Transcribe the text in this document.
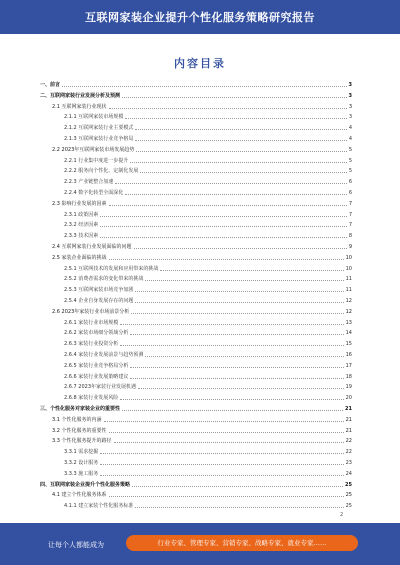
互联网家装企业提升个性化服务策略研究报告
内容目录
一、前言	3
二、互联网家装行业发展分析及预测	3
2.1 互联网家装行业现状	3
2.1.1 互联网家装市场规模	3
2.1.2 互联网家装行业主要模式	4
2.1.3 互联网家装行业竞争格局	4
2.2 2023年互联网家装市场发展趋势	5
2.2.1 行业集中度进一步提升	5
2.2.2 服务向个性化、定制化发展	5
2.2.3 产业链整合加速	6
2.2.4 数字化转型全面深化	6
2.3 影响行业发展的因素	7
2.3.1 政策因素	7
2.3.2 经济因素	7
2.3.3 技术因素	8
2.4 互联网家装行业发展面临的问题	9
2.5 家装企业面临的挑战	10
2.5.1 互联网技术的发展和应用带来的挑战	10
2.5.2 消费者需求的变化带来的挑战	11
2.5.3 互联网家装市场竞争加剧	11
2.5.4 企业自身发展存在的问题	12
2.6 2023年家装行业市场前景分析	12
2.6.1 家装行业市场规模	13
2.6.2 家装市场细分领域分析	14
2.6.3 家装行业投资分析	15
2.6.4 家装行业发展前景与趋势预测	16
2.6.5 家装行业竞争格局分析	17
2.6.6 家装行业发展策略建议	18
2.6.7 2023年家装行业发展机遇	19
2.6.8 家装行业发展风险	20
三、个性化服务对家装企业的重要性	21
3.1 个性化服务的内涵	21
3.2 个性化服务的重要性	21
3.3 个性化服务提升的路径	22
3.3.1 需求挖掘	22
3.3.2 设计服务	23
3.3.3 施工服务	24
四、互联网家装企业提升个性化服务策略	25
4.1 建立个性化服务体系	25
4.1.1 建立家装个性化服务标准	25
2
让每个人都能成为	行业专家、管理专家、营销专家、战略专家、就业专家……
